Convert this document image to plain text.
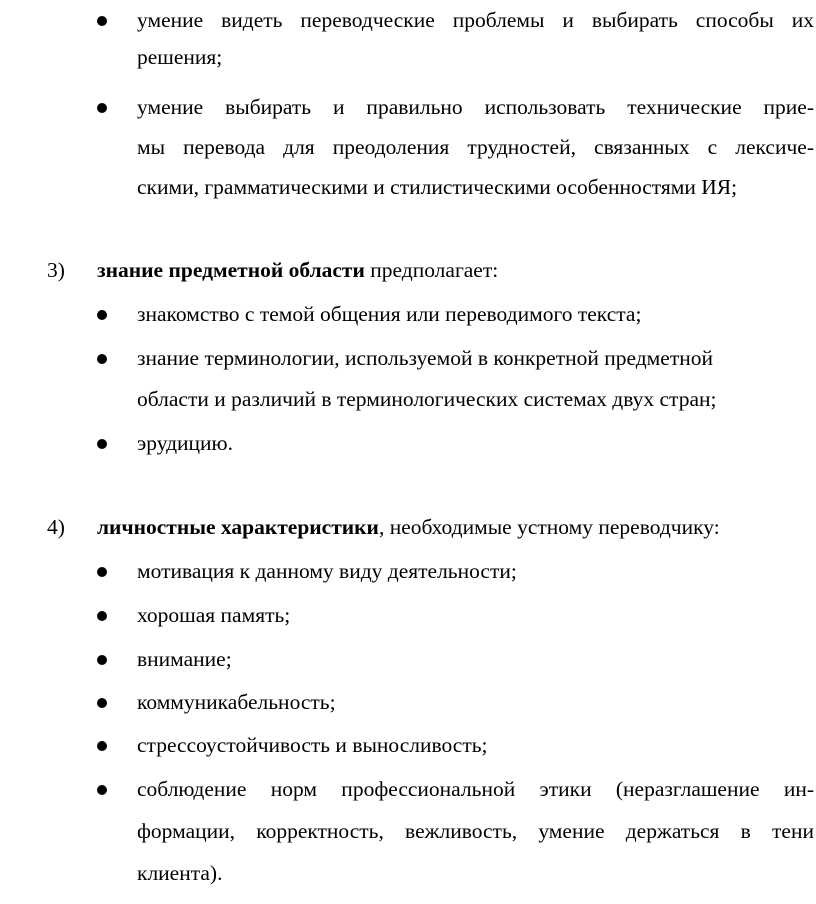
умение видеть переводческие проблемы и выбирать способы их
решения;
умение выбирать и правильно использовать технические прие-
мы перевода для преодоления трудностей, связанных с лексиче-
скими, грамматическими и стилистическими особенностями ИЯ;
3) знание предметной области предполагает:
знакомство с темой общения или переводимого текста;
знание терминологии, используемой в конкретной предметной
области и различий в терминологических системах двух стран;
эрудицию.
4) личностные характеристики, необходимые устному переводчику:
мотивация к данному виду деятельности;
хорошая память;
внимание;
коммуникабельность;
стрессоустойчивость и выносливость;
соблюдение норм профессиональной этики (неразглашение ин-
формации, корректность, вежливость, умение держаться в тени
клиента).
